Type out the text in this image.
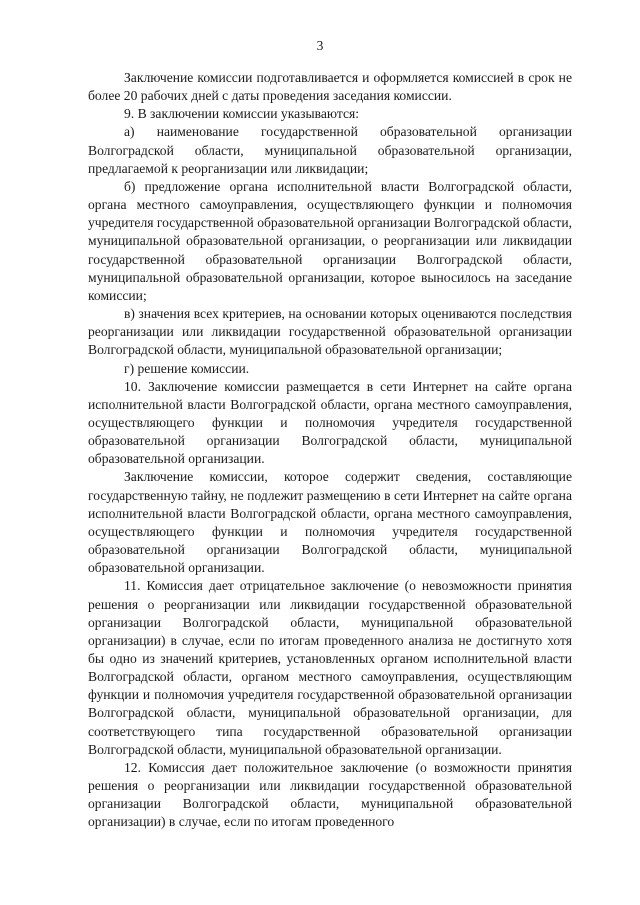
3

Заключение комиссии подготавливается и оформляется комиссией в срок не более 20 рабочих дней с даты проведения заседания комиссии.

9. В заключении комиссии указываются:

а) наименование государственной образовательной организации Волгоградской области, муниципальной образовательной организации, предлагаемой к реорганизации или ликвидации;

б) предложение органа исполнительной власти Волгоградской области, органа местного самоуправления, осуществляющего функции и полномочия учредителя государственной образовательной организации Волгоградской области, муниципальной образовательной организации, о реорганизации или ликвидации государственной образовательной организации Волгоградской области, муниципальной образовательной организации, которое выносилось на заседание комиссии;

в) значения всех критериев, на основании которых оцениваются последствия реорганизации или ликвидации государственной образовательной организации Волгоградской области, муниципальной образовательной организации;

г) решение комиссии.

10. Заключение комиссии размещается в сети Интернет на сайте органа исполнительной власти Волгоградской области, органа местного самоуправления, осуществляющего функции и полномочия учредителя государственной образовательной организации Волгоградской области, муниципальной образовательной организации.

Заключение комиссии, которое содержит сведения, составляющие государственную тайну, не подлежит размещению в сети Интернет на сайте органа исполнительной власти Волгоградской области, органа местного самоуправления, осуществляющего функции и полномочия учредителя государственной образовательной организации Волгоградской области, муниципальной образовательной организации.

11. Комиссия дает отрицательное заключение (о невозможности принятия решения о реорганизации или ликвидации государственной образовательной организации Волгоградской области, муниципальной образовательной организации) в случае, если по итогам проведенного анализа не достигнуто хотя бы одно из значений критериев, установленных органом исполнительной власти Волгоградской области, органом местного самоуправления, осуществляющим функции и полномочия учредителя государственной образовательной организации Волгоградской области, муниципальной образовательной организации, для соответствующего типа государственной образовательной организации Волгоградской области, муниципальной образовательной организации.

12. Комиссия дает положительное заключение (о возможности принятия решения о реорганизации или ликвидации государственной образовательной организации Волгоградской области, муниципальной образовательной организации) в случае, если по итогам проведенного
